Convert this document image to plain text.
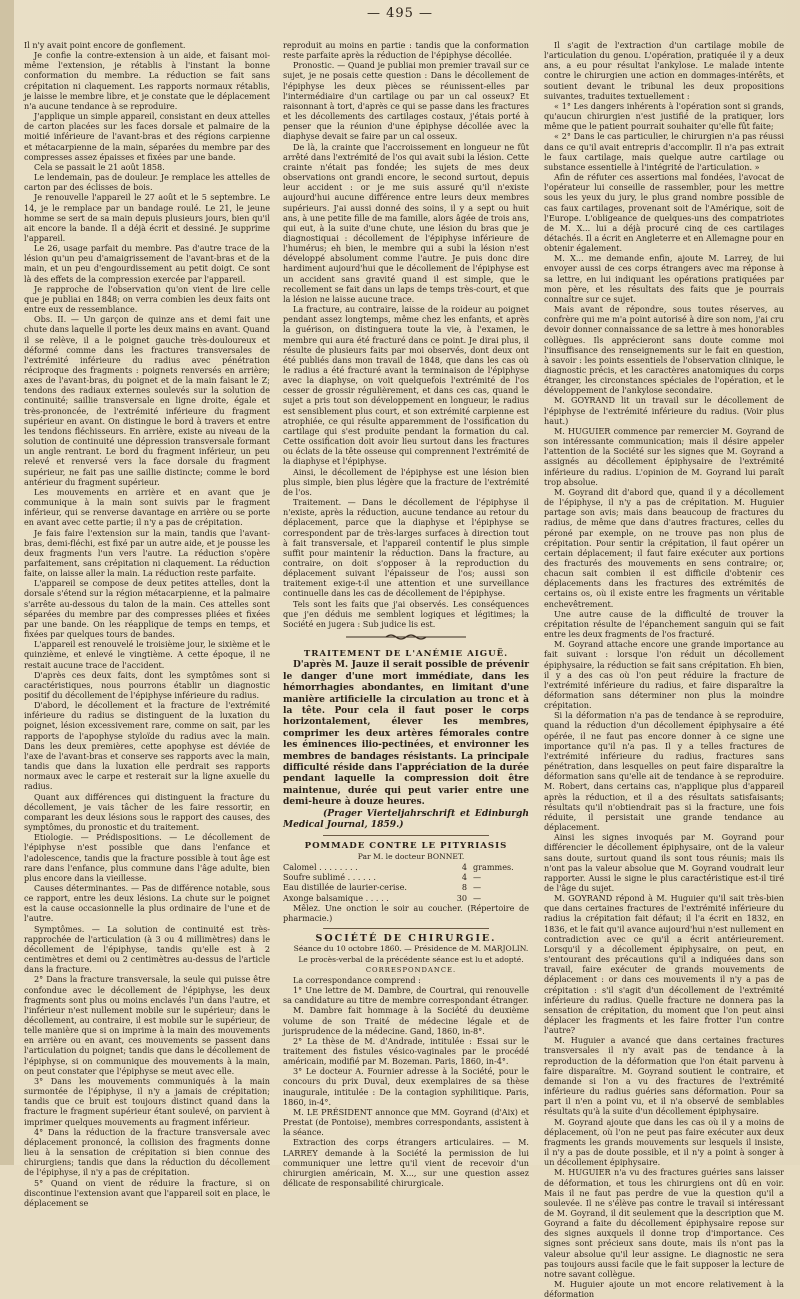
— 495 —

Il n'y avait point encore de gonflement.

Je confie la contre-extension à un aide, et faisant moi-même l'extension, je rétablis à l'instant la bonne conformation du membre. La réduction se fait sans crépitation ni claquement. Les rapports normaux rétablis, je laisse le membre libre, et je constate que le déplacement n'a aucune tendance à se reproduire.

J'applique un simple appareil, consistant en deux attelles de carton placées sur les faces dorsale et palmaire de la moitié inférieure de l'avant-bras et des régions carpienne et métacarpienne de la main, séparées du membre par des compresses assez épaisses et fixées par une bande.

Cela se passait le 21 août 1858.

Le lendemain, pas de douleur. Je remplace les attelles de carton par des éclisses de bois.

Je renouvelle l'appareil le 27 août et le 5 septembre. Le 14, je le remplace par un bandage roulé. Le 21, le jeune homme se sert de sa main depuis plusieurs jours, bien qu'il ait encore la bande. Il a déjà écrit et dessiné. Je supprime l'appareil.

Le 26, usage parfait du membre. Pas d'autre trace de la lésion qu'un peu d'amaigrissement de l'avant-bras et de la main, et un peu d'engourdissement au petit doigt. Ce sont là des effets de la compression exercée par l'appareil.

Je rapproche de l'observation qu'on vient de lire celle que je publiai en 1848; on verra combien les deux faits ont entre eux de ressemblance.

Obs. II. — Un garçon de quinze ans et demi fait une chute dans laquelle il porte les deux mains en avant. Quand il se relève, il a le poignet gauche très-douloureux et déformé comme dans les fractures transversales de l'extrémité inférieure du radius avec pénétration réciproque des fragments : poignets renversés en arrière; axes de l'avant-bras, du poignet et de la main faisant le Z; tendons des radiaux externes soulevés sur la solution de continuité; saillie transversale en ligne droite, égale et très-prononcée, de l'extrémité inférieure du fragment supérieur en avant. On distingue le bord à travers et entre les tendons fléchisseurs. En arrière, existe au niveau de la solution de continuité une dépression transversale formant un angle rentrant. Le bord du fragment inférieur, un peu relevé et renversé vers la face dorsale du fragment supérieur, ne fait pas une saillie distincte; comme le bord antérieur du fragment supérieur.

Les mouvements en arrière et en avant que je communique à la main sont suivis par le fragment inférieur, qui se renverse davantage en arrière ou se porte en avant avec cette partie; il n'y a pas de crépitation.

Je fais faire l'extension sur la main, tandis que l'avant-bras, demi-fléchi, est fixé par un autre aide, et je pousse les deux fragments l'un vers l'autre. La réduction s'opère parfaitement, sans crépitation ni claquement. La réduction faite, on laisse aller la main. La réduction reste parfaite.

L'appareil se compose de deux petites attelles, dont la dorsale s'étend sur la région métacarpienne, et la palmaire s'arrête au-dessous du talon de la main. Ces attelles sont séparées du membre par des compresses pliées et fixées par une bande. On les réapplique de temps en temps, et fixées par quelques tours de bandes.

L'appareil est renouvelé le troisième jour, le sixième et le quinzième, et enlevé le vingtième. A cette époque, il ne restait aucune trace de l'accident.

D'après ces deux faits, dont les symptômes sont si caractéristiques, nous pourrons établir un diagnostic positif du décollement de l'épiphyse inférieure du radius.

D'abord, le décollement et la fracture de l'extrémité inférieure du radius se distinguent de la luxation du poignet, lésion excessivement rare, comme on sait, par les rapports de l'apophyse styloïde du radius avec la main. Dans les deux premières, cette apophyse est déviée de l'axe de l'avant-bras et conserve ses rapports avec la main, tandis que dans la luxation elle perdrait ses rapports normaux avec le carpe et resterait sur la ligne axuelle du radius.

Quant aux différences qui distinguent la fracture du décollement, je vais tâcher de les faire ressortir, en comparant les deux lésions sous le rapport des causes, des symptômes, du pronostic et du traitement.

Etiologie. — Prédispositions. — Le décollement de l'épiphyse n'est possible que dans l'enfance et l'adolescence, tandis que la fracture possible à tout âge est rare dans l'enfance, plus commune dans l'âge adulte, bien plus encore dans la vieillesse.

Causes déterminantes. — Pas de différence notable, sous ce rapport, entre les deux lésions. La chute sur le poignet est la cause occasionnelle la plus ordinaire de l'une et de l'autre.

Symptômes. — La solution de continuité est très-rapprochée de l'articulation (à 3 ou 4 millimètres) dans le décollement de l'épiphyse, tandis qu'elle est à 2 centimètres et demi ou 2 centimètres au-dessus de l'article dans la fracture.

2° Dans la fracture transversale, la seule qui puisse être confondue avec le décollement de l'épiphyse, les deux fragments sont plus ou moins enclavés l'un dans l'autre, et l'inférieur n'est nullement mobile sur le supérieur; dans le décollement, au contraire, il est mobile sur le supérieur, de telle manière que si on imprime à la main des mouvements en arrière ou en avant, ces mouvements se passent dans l'articulation du poignet; tandis que dans le décollement de l'épiphyse, si on communique des mouvements à la main, on peut constater que l'épiphyse se meut avec elle.

3° Dans les mouvements communiqués à la main surmontée de l'épiphyse, il n'y a jamais de crépitation; tandis que ce bruit est toujours distinct quand dans la fracture le fragment supérieur étant soulevé, on parvient à imprimer quelques mouvements au fragment inférieur.

4° Dans la réduction de la fracture transversale avec déplacement prononcé, la collision des fragments donne lieu à la sensation de crépitation si bien connue des chirurgiens; tandis que dans la réduction du décollement de l'épiphyse, il n'y a pas de crépitation.

5° Quand on vient de réduire la fracture, si on discontinue l'extension avant que l'appareil soit en place, le déplacement se

reproduit au moins en partie : tandis que la conformation reste parfaite après la réduction de l'épiphyse décollée.

Pronostic. — Quand je publiai mon premier travail sur ce sujet, je ne posais cette question : Dans le décollement de l'épiphyse les deux pièces se réunissent-elles par l'intermédiaire d'un cartilage ou par un cal osseux? Et raisonnant à tort, d'après ce qui se passe dans les fractures et les décollements des cartilages costaux, j'étais porté à penser que la réunion d'une épiphyse décollée avec la diaphyse devait se faire par un cal osseux.

De là, la crainte que l'accroissement en longueur ne fût arrêté dans l'extrémité de l'os qui avait subi la lésion. Cette crainte n'était pas fondée; les sujets de mes deux observations ont grandi encore, le second surtout, depuis leur accident : or je me suis assuré qu'il n'existe aujourd'hui aucune différence entre leurs deux membres supérieurs. J'ai aussi donné des soins, il y a sept ou huit ans, à une petite fille de ma famille, alors âgée de trois ans, qui eut, à la suite d'une chute, une lésion du bras que je diagnostiquai : décollement de l'épiphyse inférieure de l'humérus; eh bien, le membre qui a subi la lésion n'est développé absolument comme l'autre. Je puis donc dire hardiment aujourd'hui que le décollement de l'épiphyse est un accident sans gravité quand il est simple, que le recollement se fait dans un laps de temps très-court, et que la lésion ne laisse aucune trace.

La fracture, au contraire, laisse de la roideur au poignet pendant assez longtemps, même chez les enfants, et après la guérison, on distinguera toute la vie, à l'examen, le membre qui aura été fracturé dans ce point. Je dirai plus, il résulte de plusieurs faits par moi observés, dont deux ont été publiés dans mon travail de 1848, que dans les cas où le radius a été fracturé avant la terminaison de l'épiphyse avec la diaphyse, on voit quelquefois l'extrémité de l'os cesser de grossir régulièrement, et dans ces cas, quand le sujet a pris tout son développement en longueur, le radius est sensiblement plus court, et son extrémité carpienne est atrophiée, ce qui résulte apparemment de l'ossification du cartilage qui s'est produite pendant la formation du cal. Cette ossification doit avoir lieu surtout dans les fractures ou éclats de la tête osseuse qui comprennent l'extrémité de la diaphyse et l'épiphyse.

Ainsi, le décollement de l'épiphyse est une lésion bien plus simple, bien plus légère que la fracture de l'extrémité de l'os.

Traitement. — Dans le décollement de l'épiphyse il n'existe, après la réduction, aucune tendance au retour du déplacement, parce que la diaphyse et l'épiphyse se correspondent par de très-larges surfaces à direction tout à fait transversale, et l'appareil contentif le plus simple suffit pour maintenir la réduction. Dans la fracture, au contraire, on doit s'opposer à la reproduction du déplacement suivant l'épaisseur de l'os; aussi son traitement exige-t-il une attention et une surveillance continuelle dans les cas de décollement de l'épiphyse.

Tels sont les faits que j'ai observés. Les conséquences que j'en déduis me semblent logiques et légitimes; la Société en jugera : Sub judice lis est.

TRAITEMENT DE L'ANÉMIE AIGUË.

D'après M. Jauze il serait possible de prévenir le danger d'une mort immédiate, dans les hémorrhagies abondantes, en limitant d'une manière artificielle la circulation au tronc et à la tête. Pour cela il faut poser le corps horizontalement, élever les membres, comprimer les deux artères fémorales contre les éminences ilio-pectinées, et environner les membres de bandages résistants. La principale difficulté réside dans l'appréciation de la durée pendant laquelle la compression doit être maintenue, durée qui peut varier entre une demi-heure à douze heures.

(Prager Vierteljahrschrift et Edinburgh Medical Journal, 1859.)

POMMADE CONTRE LE PITYRIASIS

Par M. le docteur BONNET.

Calomel . . . . . . . .	4 grammes.
Soufre sublimé . . . . . .	4 —
Eau distillée de laurier-cerise.	8 —
Axonge balsamique . . . . .	30 —

Mêlez. Une onction le soir au coucher. (Répertoire de pharmacie.)

SOCIÉTÉ DE CHIRURGIE.

Séance du 10 octobre 1860. — Présidence de M. MARJOLIN.

Le procès-verbal de la précédente séance est lu et adopté.

CORRESPONDANCE.

La correspondance comprend :

1° Une lettre de M. Dambre, de Courtrai, qui renouvelle sa candidature au titre de membre correspondant étranger.

M. Dambre fait hommage à la Société du deuxième volume de son Traité de médecine légale et de jurisprudence de la médecine. Gand, 1860, in-8°.

2° La thèse de M. d'Andrade, intitulée : Essai sur le traitement des fistules vésico-vaginales par le procédé américain, modifié par M. Bozeman. Paris, 1860, in-4°.

3° Le docteur A. Fournier adresse à la Société, pour le concours du prix Duval, deux exemplaires de sa thèse inaugurale, intitulée : De la contagion syphilitique. Paris, 1860, in-4°.

M. LE PRÉSIDENT annonce que MM. Goyrand (d'Aix) et Prestat (de Pontoise), membres correspondants, assistent à la séance.

Extraction des corps étrangers articulaires. — M. LARREY demande à la Société la permission de lui communiquer une lettre qu'il vient de recevoir d'un chirurgien américain, M. X..., sur une question assez délicate de responsabilité chirurgicale.

Il s'agit de l'extraction d'un cartilage mobile de l'articulation du genou. L'opération, pratiquée il y a deux ans, a eu pour résultat l'ankylose. Le malade intente contre le chirurgien une action en dommages-intérêts, et soutient devant le tribunal les deux propositions suivantes, traduites textuellement :

« 1° Les dangers inhérents à l'opération sont si grands, qu'aucun chirurgien n'est justifié de la pratiquer, lors même que le patient pourrait souhaiter qu'elle fût faite;

« 2° Dans le cas particulier, le chirurgien n'a pas réussi dans ce qu'il avait entrepris d'accomplir. Il n'a pas extrait le faux cartilage, mais quelque autre cartilage ou substance essentielle à l'intégrité de l'articulation. »

Afin de réfuter ces assertions mal fondées, l'avocat de l'opérateur lui conseille de rassembler, pour les mettre sous les yeux du jury, le plus grand nombre possible de cas faux cartilages, provenant soit de l'Amérique, soit de l'Europe. L'obligeance de quelques-uns des compatriotes de M. X... lui a déjà procuré cinq de ces cartilages détachés. Il a écrit en Angleterre et en Allemagne pour en obtenir également.

M. X... me demande enfin, ajoute M. Larrey, de lui envoyer aussi de ces corps étrangers avec ma réponse à sa lettre, en lui indiquant les opérations pratiquées par mon père, et les résultats des faits que je pourrais connaître sur ce sujet.

Mais avant de répondre, sous toutes réserves, au confrère qui me m'a point autorisé à dire son nom, j'ai cru devoir donner connaissance de sa lettre à mes honorables collègues. Ils apprécieront sans doute comme moi l'insuffisance des renseignements sur le fait en question, à savoir : les points essentiels de l'observation clinique, le diagnostic précis, et les caractères anatomiques du corps étranger, les circonstances spéciales de l'opération, et le développement de l'ankylose secondaire.

M. GOYRAND lit un travail sur le décollement de l'épiphyse de l'extrémité inférieure du radius. (Voir plus haut.)

M. HUGUIER commence par remercier M. Goyrand de son intéressante communication; mais il désire appeler l'attention de la Société sur les signes que M. Goyrand a assignés au décollement épiphysaire de l'extrémité inférieure du radius. L'opinion de M. Goyrand lui paraît trop absolue.

M. Goyrand dit d'abord que, quand il y a décollement de l'épiphyse, il n'y a pas de crépitation. M. Huguier partage son avis; mais dans beaucoup de fractures du radius, de même que dans d'autres fractures, celles du péroné par exemple, on ne trouve pas non plus de crépitation. Pour sentir la crépitation, il faut opérer un certain déplacement; il faut faire exécuter aux portions des fracturés des mouvements en sens contraire; or, chacun sait combien il est difficile d'obtenir ces déplacements dans les fractures des extrémités de certains os, où il existe entre les fragments un véritable enchevêtrement.

Une autre cause de la difficulté de trouver la crépitation résulte de l'épanchement sanguin qui se fait entre les deux fragments de l'os fracturé.

M. Goyrand attache encore une grande importance au fait suivant : lorsque l'on réduit un décollement épiphysaire, la réduction se fait sans crépitation. Eh bien, il y a des cas où l'on peut réduire la fracture de l'extrémité inférieure du radius, et faire disparaître la déformation sans déterminer non plus la moindre crépitation.

Si la déformation n'a pas de tendance à se reproduire, quand la réduction d'un décollement épiphysaire a été opérée, il ne faut pas encore donner à ce signe une importance qu'il n'a pas. Il y a telles fractures de l'extrémité inférieure du radius, fractures sans pénétration, dans lesquelles on peut faire disparaître la déformation sans qu'elle ait de tendance à se reproduire. M. Robert, dans certains cas, n'applique plus d'appareil après la réduction, et il a des résultats satisfaisants; résultats qu'il n'obtiendrait pas si la fracture, une fois réduite, il persistait une grande tendance au déplacement.

Ainsi les signes invoqués par M. Goyrand pour différencier le décollement épiphysaire, ont de la valeur sans doute, surtout quand ils sont tous réunis; mais ils n'ont pas la valeur absolue que M. Goyrand voudrait leur rapporter. Aussi le signe le plus caractéristique est-il tiré de l'âge du sujet.

M. GOYRAND répond à M. Huguier qu'il sait très-bien que dans certaines fractures de l'extrémité inférieure du radius la crépitation fait défaut; il l'a écrit en 1832, en 1836, et le fait qu'il avance aujourd'hui n'est nullement en contradiction avec ce qu'il a écrit antérieurement. Lorsqu'il y a décollement épiphysaire, on peut, en s'entourant des précautions qu'il a indiquées dans son travail, faire exécuter de grands mouvements de déplacement : or dans ces mouvements il n'y a pas de crépitation : s'il s'agit d'un décollement de l'extrémité inférieure du radius. Quelle fracture ne donnera pas la sensation de crépitation, du moment que l'on peut ainsi déplacer les fragments et les faire frotter l'un contre l'autre?

M. Huguier a avancé que dans certaines fractures transversales il n'y avait pas de tendance à la reproduction de la déformation que l'on était parvenu à faire disparaître. M. Goyrand soutient le contraire, et demande si l'on a vu des fractures de l'extrémité inférieure du radius guéries sans déformation. Pour sa part il n'en a point vu, et il n'a observé de semblables résultats qu'à la suite d'un décollement épiphysaire.

M. Goyrand ajoute que dans les cas où il y a moins de déplacement, où l'on ne peut pas faire exécuter aux deux fragments les grands mouvements sur lesquels il insiste, il n'y a pas de doute possible, et il n'y a point à songer à un décollement épiphysaire.

M. HUGUIER n'a vu des fractures guéries sans laisser de déformation, et tous les chirurgiens ont dû en voir. Mais il ne faut pas perdre de vue la question qu'il a soulevée. Il ne s'élève pas contre le travail si intéressant de M. Goyrand, il dit seulement que la description que M. Goyrand a faite du décollement épiphysaire repose sur des signes auxquels il donne trop d'importance. Ces signes sont précieux sans doute, mais ils n'ont pas la valeur absolue qu'il leur assigne. Le diagnostic ne sera pas toujours aussi facile que le fait supposer la lecture de notre savant collègue.

M. Huguier ajoute un mot encore relativement à la déformation
